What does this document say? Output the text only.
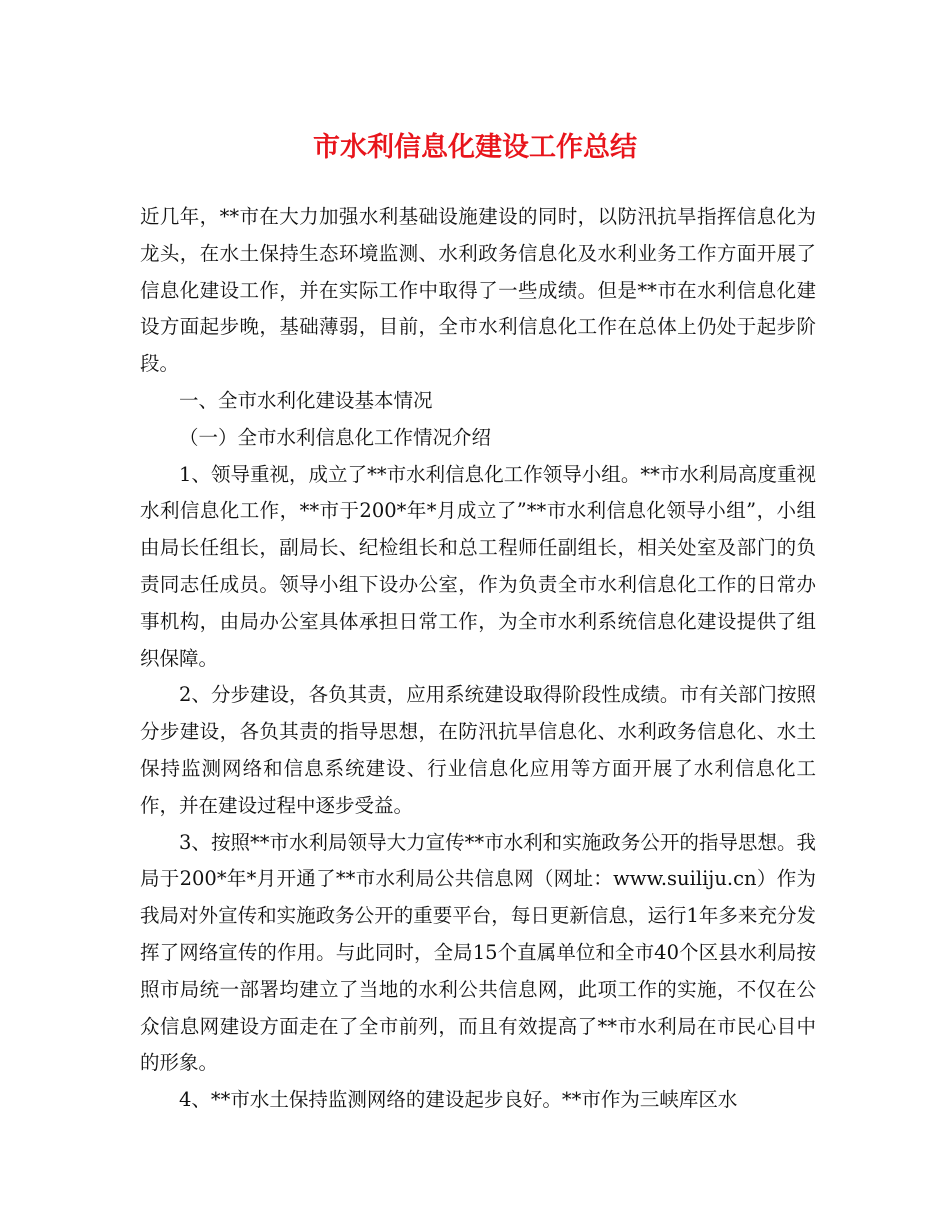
市水利信息化建设工作总结

近几年，**市在大力加强水利基础设施建设的同时，以防汛抗旱指挥信息化为龙头，在水土保持生态环境监测、水利政务信息化及水利业务工作方面开展了信息化建设工作，并在实际工作中取得了一些成绩。但是**市在水利信息化建设方面起步晚，基础薄弱，目前，全市水利信息化工作在总体上仍处于起步阶段。

一、全市水利化建设基本情况

（一）全市水利信息化工作情况介绍

1、领导重视，成立了**市水利信息化工作领导小组。**市水利局高度重视水利信息化工作，**市于200*年*月成立了”**市水利信息化领导小组”，小组由局长任组长，副局长、纪检组长和总工程师任副组长，相关处室及部门的负责同志任成员。领导小组下设办公室，作为负责全市水利信息化工作的日常办事机构，由局办公室具体承担日常工作，为全市水利系统信息化建设提供了组织保障。

2、分步建设，各负其责，应用系统建设取得阶段性成绩。市有关部门按照分步建设，各负其责的指导思想，在防汛抗旱信息化、水利政务信息化、水土保持监测网络和信息系统建设、行业信息化应用等方面开展了水利信息化工作，并在建设过程中逐步受益。

3、按照**市水利局领导大力宣传**市水利和实施政务公开的指导思想。我局于200*年*月开通了**市水利局公共信息网（网址：www.suiliju.cn）作为我局对外宣传和实施政务公开的重要平台，每日更新信息，运行1年多来充分发挥了网络宣传的作用。与此同时，全局15个直属单位和全市40个区县水利局按照市局统一部署均建立了当地的水利公共信息网，此项工作的实施，不仅在公众信息网建设方面走在了全市前列，而且有效提高了**市水利局在市民心目中的形象。

4、**市水土保持监测网络的建设起步良好。**市作为三峡库区水
